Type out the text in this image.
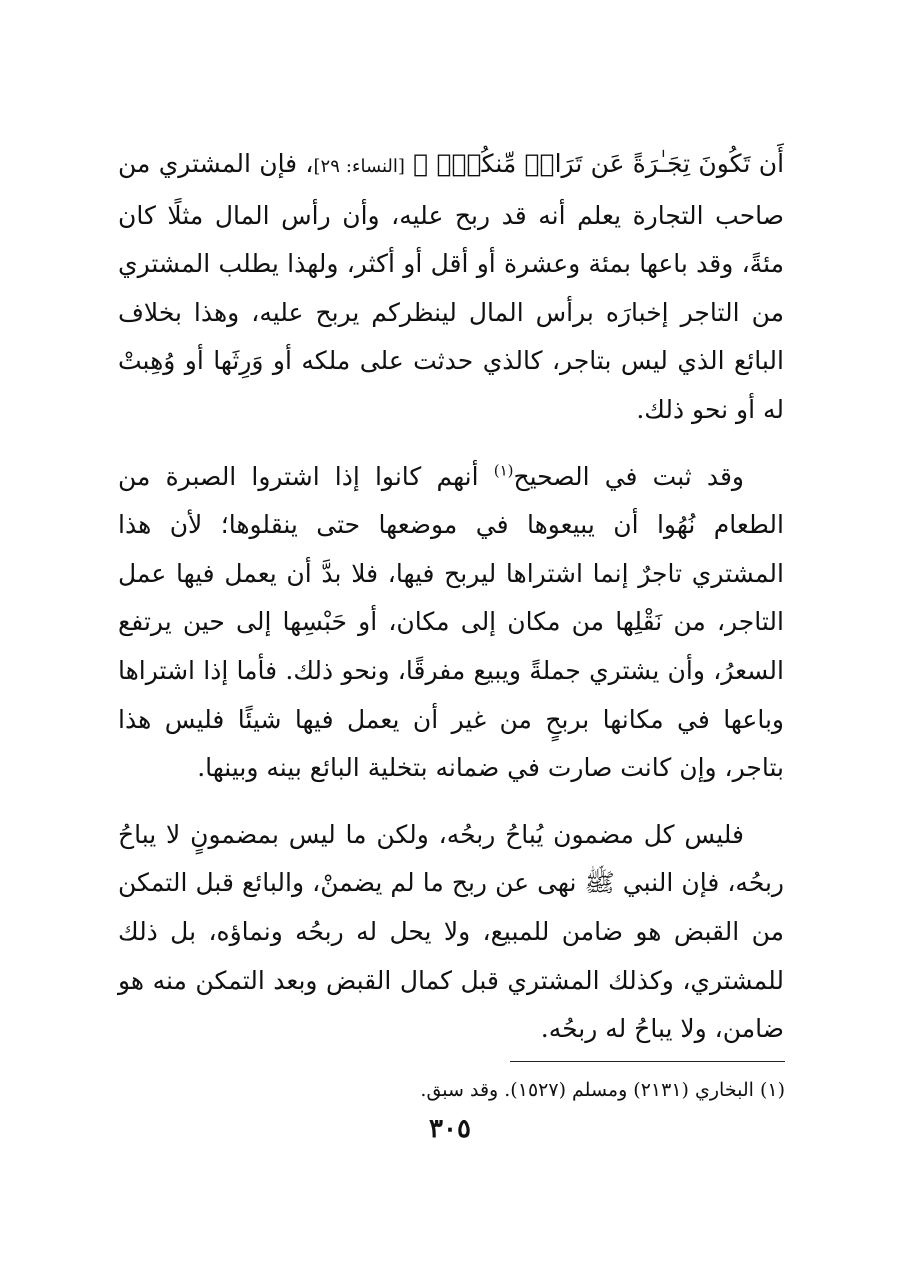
أَن تَكُونَ تِجَـٰرَةً عَن تَرَاضٖ مِّنكُمۡۚ ﴾ [النساء: ٢٩]، فإن المشتري من صاحب التجارة يعلم أنه قد ربح عليه، وأن رأس المال مثلًا كان مئةً، وقد باعها بمئة وعشرة أو أقل أو أكثر، ولهذا يطلب المشتري من التاجر إخبارَه برأس المال لينظركم يربح عليه، وهذا بخلاف البائع الذي ليس بتاجر، كالذي حدثت على ملكه أو وَرِثَها أو وُهِبتْ له أو نحو ذلك.

وقد ثبت في الصحيح$^{(١)}$ أنهم كانوا إذا اشتروا الصبرة من الطعام نُهُوا أن يبيعوها في موضعها حتى ينقلوها؛ لأن هذا المشتري تاجرٌ إنما اشتراها ليربح فيها، فلا بدَّ أن يعمل فيها عمل التاجر، من نَقْلِها من مكان إلى مكان، أو حَبْسِها إلى حين يرتفع السعرُ، وأن يشتري جملةً ويبيع مفرقًا، ونحو ذلك. فأما إذا اشتراها وباعها في مكانها بربحٍ من غير أن يعمل فيها شيئًا فليس هذا بتاجر، وإن كانت صارت في ضمانه بتخلية البائع بينه وبينها.

فليس كل مضمون يُباحُ ربحُه، ولكن ما ليس بمضمونٍ لا يباحُ ربحُه، فإن النبي ﷺ نهى عن ربح ما لم يضمنْ، والبائع قبل التمكن من القبض هو ضامن للمبيع، ولا يحل له ربحُه ونماؤه، بل ذلك للمشتري، وكذلك المشتري قبل كمال القبض وبعد التمكن منه هو ضامن، ولا يباحُ له ربحُه.

(١) البخاري (٢١٣١) ومسلم (١٥٢٧). وقد سبق.
٣٠٥
